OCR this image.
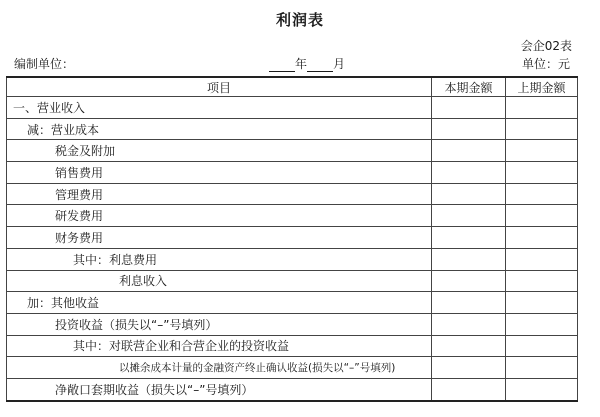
利润表
会企02表
编制单位：	年 月	单位：元
项目	本期金额	上期金额
一、营业收入		
减：营业成本		
税金及附加		
销售费用		
管理费用		
研发费用		
财务费用		
其中：利息费用		
利息收入		
加：其他收益		
投资收益（损失以“–”号填列）		
其中：对联营企业和合营企业的投资收益		
以摊余成本计量的金融资产终止确认收益(损失以“–”号填列)		
净敞口套期收益（损失以“–”号填列）		
